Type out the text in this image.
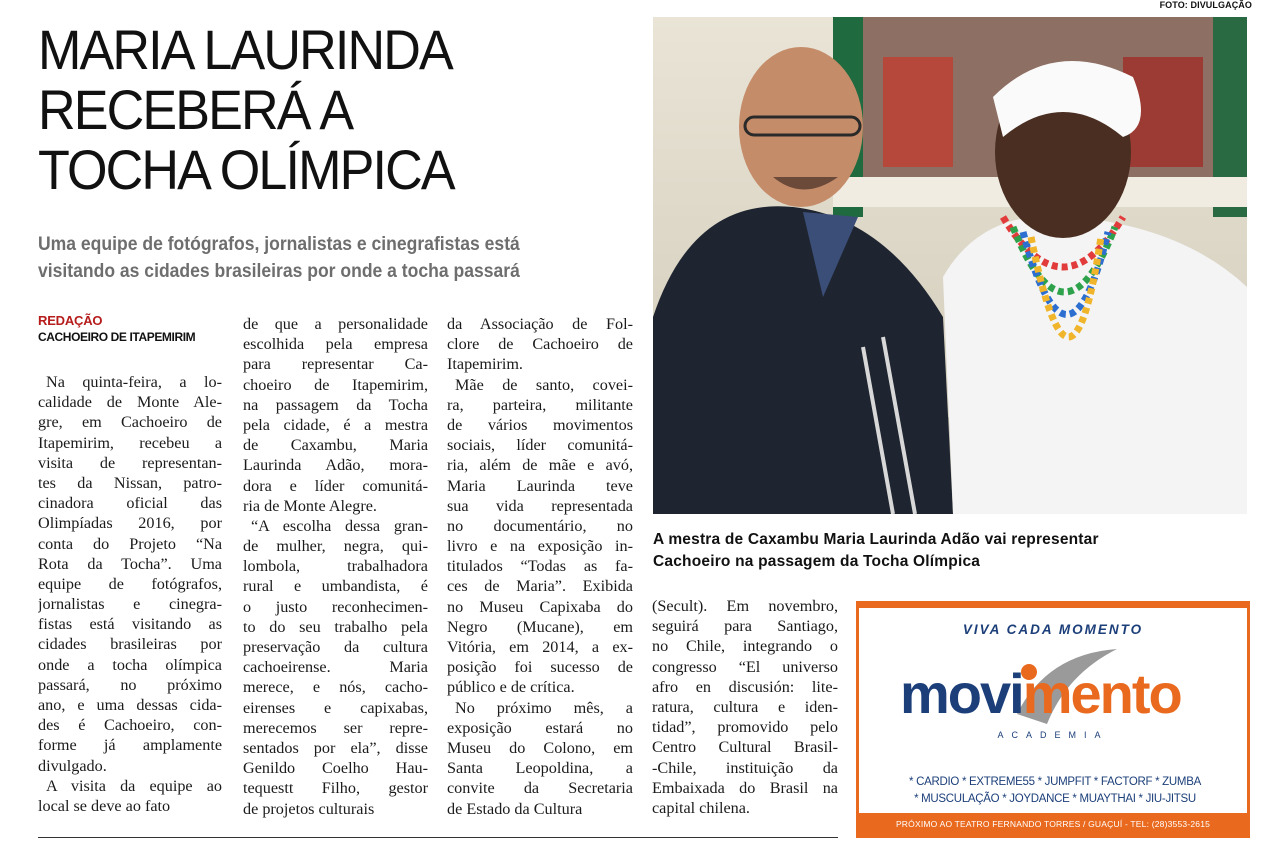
FOTO: DIVULGAÇÃO
MARIA LAURINDA
RECEBERÁ A
TOCHA OLÍMPICA
Uma equipe de fotógrafos, jornalistas e cinegrafistas está
visitando as cidades brasileiras por onde a tocha passará
REDAÇÃO
CACHOEIRO DE ITAPEMIRIM
Na quinta-feira, a lo-
calidade de Monte Ale-
gre, em Cachoeiro de
Itapemirim, recebeu a
visita de representan-
tes da Nissan, patro-
cinadora oficial das
Olimpíadas 2016, por
conta do Projeto “Na
Rota da Tocha”. Uma
equipe de fotógrafos,
jornalistas e cinegra-
fistas está visitando as
cidades brasileiras por
onde a tocha olímpica
passará, no próximo
ano, e uma dessas cida-
des é Cachoeiro, con-
forme já amplamente
divulgado.
A visita da equipe ao
local se deve ao fato
de que a personalidade
escolhida pela empresa
para representar Ca-
choeiro de Itapemirim,
na passagem da Tocha
pela cidade, é a mestra
de Caxambu, Maria
Laurinda Adão, mora-
dora e líder comunitá-
ria de Monte Alegre.
“A escolha dessa gran-
de mulher, negra, qui-
lombola, trabalhadora
rural e umbandista, é
o justo reconhecimen-
to do seu trabalho pela
preservação da cultura
cachoeirense. Maria
merece, e nós, cacho-
eirenses e capixabas,
merecemos ser repre-
sentados por ela”, disse
Genildo Coelho Hau-
tequestt Filho, gestor
de projetos culturais
da Associação de Fol-
clore de Cachoeiro de
Itapemirim.
Mãe de santo, covei-
ra, parteira, militante
de vários movimentos
sociais, líder comunitá-
ria, além de mãe e avó,
Maria Laurinda teve
sua vida representada
no documentário, no
livro e na exposição in-
titulados “Todas as fa-
ces de Maria”. Exibida
no Museu Capixaba do
Negro (Mucane), em
Vitória, em 2014, a ex-
posição foi sucesso de
público e de crítica.
No próximo mês, a
exposição estará no
Museu do Colono, em
Santa Leopoldina, a
convite da Secretaria
de Estado da Cultura
(Secult). Em novembro,
seguirá para Santiago,
no Chile, integrando o
congresso “El universo
afro en discusión: lite-
ratura, cultura e iden-
tidad”, promovido pelo
Centro Cultural Brasil-
-Chile, instituição da
Embaixada do Brasil na
capital chilena.
A mestra de Caxambu Maria Laurinda Adão vai representar
Cachoeiro na passagem da Tocha Olímpica
VIVA CADA MOMENTO
movimento
ACADEMIA
* CARDIO * EXTREME55 * JUMPFIT * FACTORF * ZUMBA
* MUSCULAÇÃO * JOYDANCE * MUAYTHAI * JIU-JITSU
PRÓXIMO AO TEATRO FERNANDO TORRES / GUAÇUÍ - TEL: (28)3553-2615
